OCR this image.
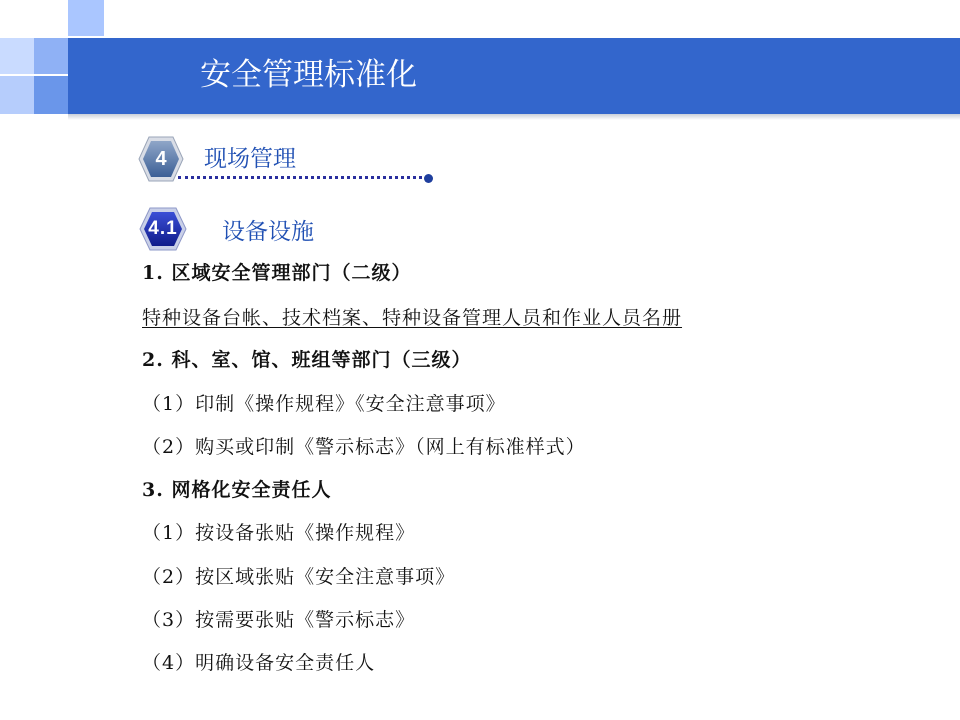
安全管理标准化
4	现场管理
4.1	设备设施
1. 区域安全管理部门（二级）
特种设备台帐、技术档案、特种设备管理人员和作业人员名册
2. 科、室、馆、班组等部门（三级）
（1）印制《操作规程》《安全注意事项》
（2）购买或印制《警示标志》（网上有标准样式）
3. 网格化安全责任人
（1）按设备张贴《操作规程》
（2）按区域张贴《安全注意事项》
（3）按需要张贴《警示标志》
（4）明确设备安全责任人
